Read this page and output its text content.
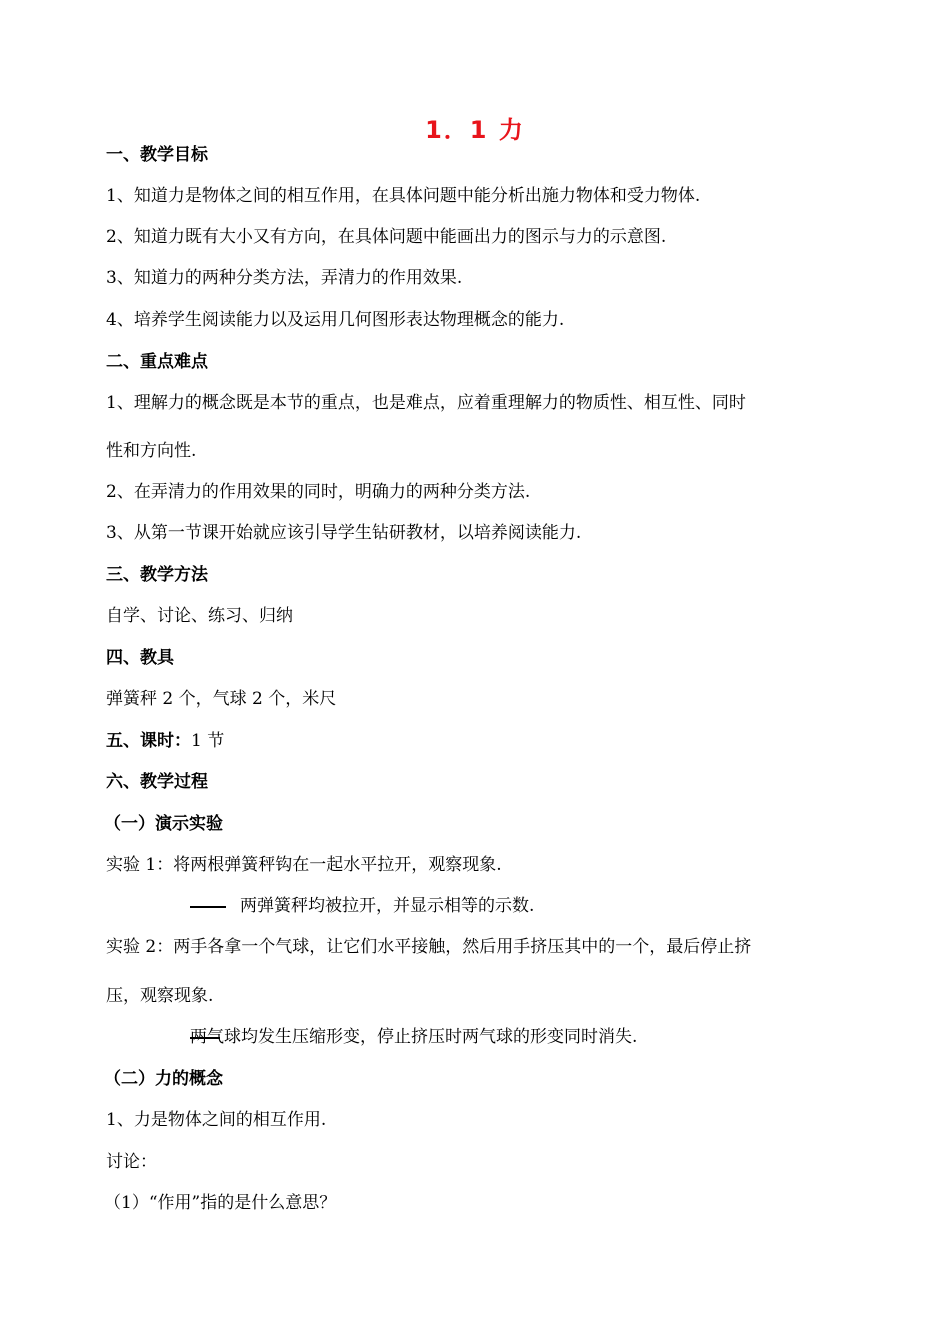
1．1 力
一、教学目标
1、知道力是物体之间的相互作用，在具体问题中能分析出施力物体和受力物体.
2、知道力既有大小又有方向，在具体问题中能画出力的图示与力的示意图.
3、知道力的两种分类方法，弄清力的作用效果.
4、培养学生阅读能力以及运用几何图形表达物理概念的能力.
二、重点难点
1、理解力的概念既是本节的重点，也是难点，应着重理解力的物质性、相互性、同时
性和方向性.
2、在弄清力的作用效果的同时，明确力的两种分类方法.
3、从第一节课开始就应该引导学生钻研教材，以培养阅读能力.
三、教学方法
自学、讨论、练习、归纳
四、教具
弹簧秤 2 个，气球 2 个，米尺
五、课时：1 节
六、教学过程
（一）演示实验
实验 1：将两根弹簧秤钩在一起水平拉开，观察现象.
两弹簧秤均被拉开，并显示相等的示数.
实验 2：两手各拿一个气球，让它们水平接触，然后用手挤压其中的一个，最后停止挤
压，观察现象.
两气球均发生压缩形变，停止挤压时两气球的形变同时消失.
（二）力的概念
1、力是物体之间的相互作用.
讨论：
（1）“作用”指的是什么意思？
